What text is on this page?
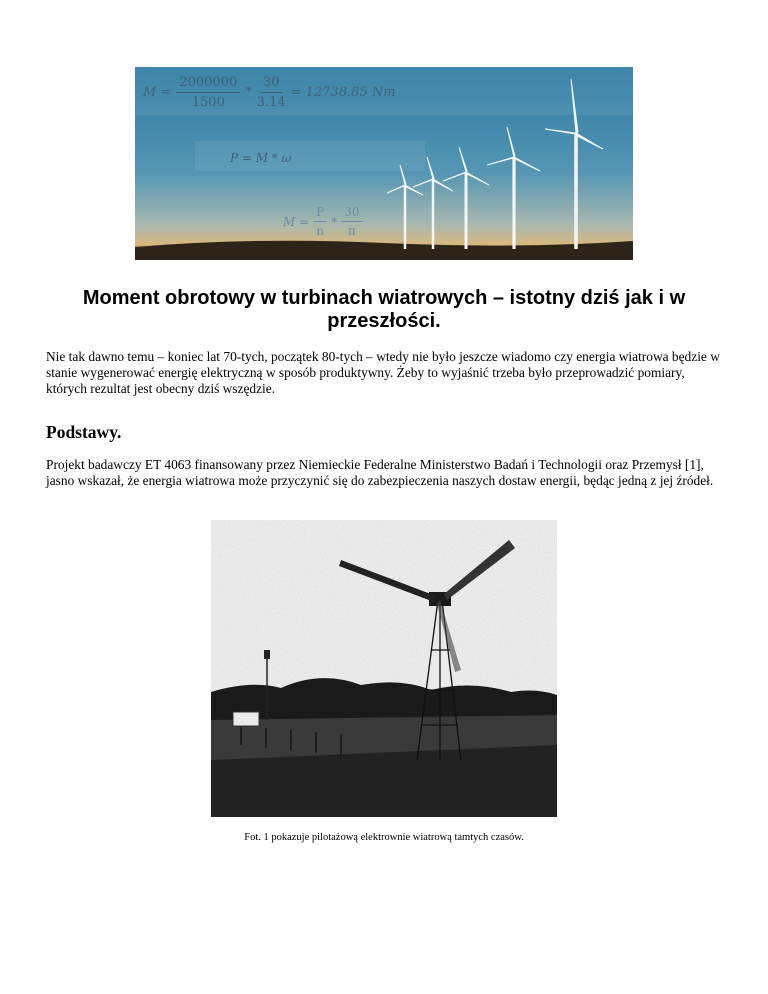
$M = \frac{2000000}{1500} * \frac{30}{3.14} = 12738.85$ Nm
P = M * ω
$M = \frac{P}{n} * \frac{30}{\pi}$
Moment obrotowy w turbinach wiatrowych – istotny dziś jak i w przeszłości.

Nie tak dawno temu – koniec lat 70-tych, początek 80-tych – wtedy nie było jeszcze wiadomo czy energia wiatrowa będzie w stanie wygenerować energię elektryczną w sposób produktywny. Żeby to wyjaśnić trzeba było przeprowadzić pomiary, których rezultat jest obecny dziś wszędzie.

Podstawy.

Projekt badawczy ET 4063 finansowany przez Niemieckie Federalne Ministerstwo Badań i Technologii oraz Przemysł [1], jasno wskazał, że energia wiatrowa może przyczynić się do zabezpieczenia naszych dostaw energii, będąc jedną z jej źródeł.

Fot. 1 pokazuje pilotażową elektrownie wiatrową tamtych czasów.
